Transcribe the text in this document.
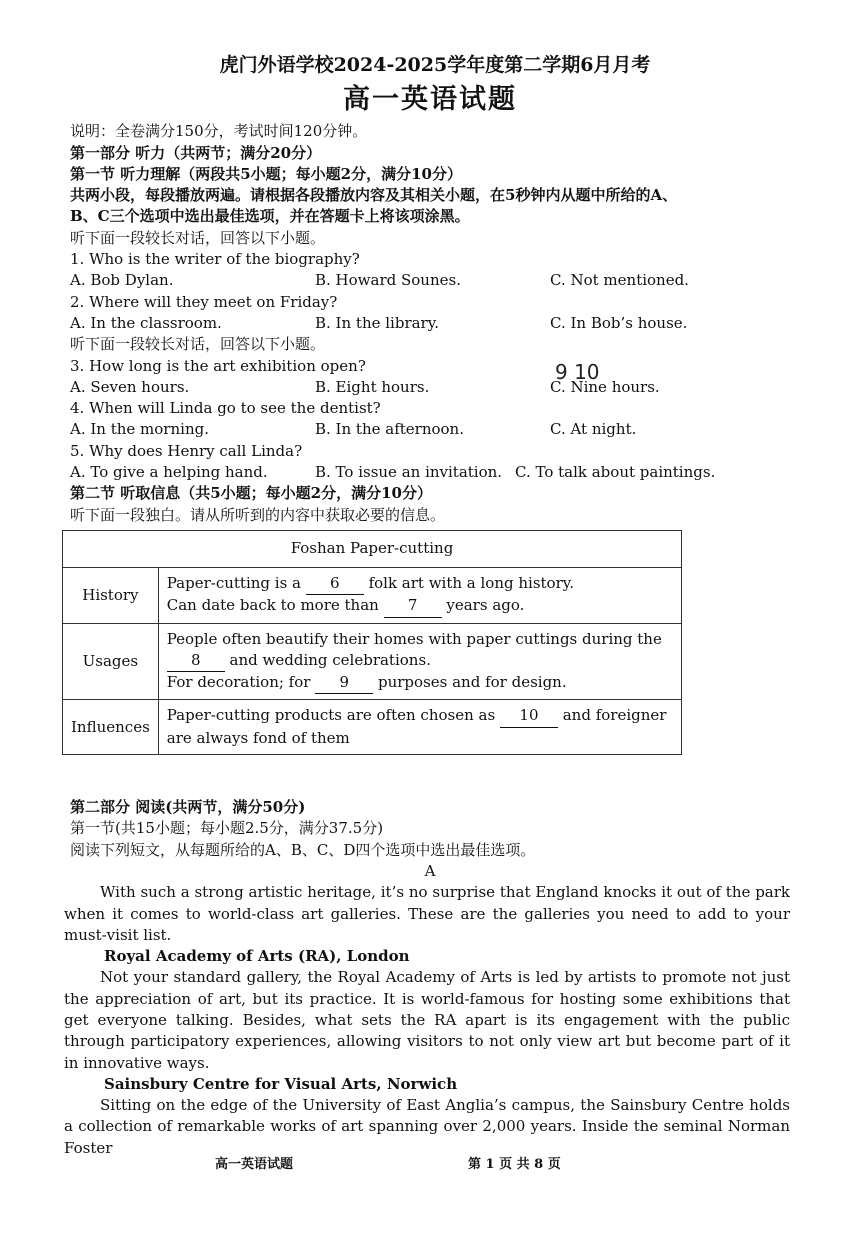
虎门外语学校2024-2025学年度第二学期6月月考
高一英语试题

说明：全卷满分150分，考试时间120分钟。

第一部分 听力（共两节；满分20分）

第一节 听力理解（两段共5小题；每小题2分，满分10分）

共两小段，每段播放两遍。请根据各段播放内容及其相关小题，在5秒钟内从题中所给的A、

B、C三个选项中选出最佳选项，并在答题卡上将该项涂黑。

听下面一段较长对话，回答以下小题。

1. Who is the writer of the biography?

A. Bob Dylan.	B. Howard Sounes.	C. Not mentioned.

2. Where will they meet on Friday?

A. In the classroom.	B. In the library.	C. In Bob’s house.

听下面一段较长对话，回答以下小题。

3. How long is the art exhibition open?

A. Seven hours.	B. Eight hours.	C. Nine hours.

4. When will Linda go to see the dentist?

A. In the morning.	B. In the afternoon.	C. At night.

5. Why does Henry call Linda?

A. To give a helping hand.	B. To issue an invitation. C. To talk about paintings.
9 10

第二节 听取信息（共5小题；每小题2分，满分10分）

听下面一段独白。请从所听到的内容中获取必要的信息。

Foshan Paper-cutting	
History	Paper-cutting is a 6 folk art with a long history.
Can date back to more than 7 years ago.
Usages	People often beautify their homes with paper cuttings during the
8 and wedding celebrations.
For decoration; for 9 purposes and for design.
Influences	Paper-cutting products are often chosen as 10 and foreigner
are always fond of them

第二部分 阅读(共两节，满分50分)

第一节(共15小题；每小题2.5分，满分37.5分)

阅读下列短文，从每题所给的A、B、C、D四个选项中选出最佳选项。

A

With such a strong artistic heritage, it’s no surprise that England knocks it out of the park when it comes to world-class art galleries. These are the galleries you need to add to your must-visit list.

Royal Academy of Arts (RA), London

Not your standard gallery, the Royal Academy of Arts is led by artists to promote not just the appreciation of art, but its practice. It is world-famous for hosting some exhibitions that get everyone talking. Besides, what sets the RA apart is its engagement with the public through participatory experiences, allowing visitors to not only view art but become part of it in innovative ways.

Sainsbury Centre for Visual Arts, Norwich

Sitting on the edge of the University of East Anglia’s campus, the Sainsbury Centre holds a collection of remarkable works of art spanning over 2,000 years. Inside the seminal Norman Foster

高一英语试题	第 1 页 共 8 页
